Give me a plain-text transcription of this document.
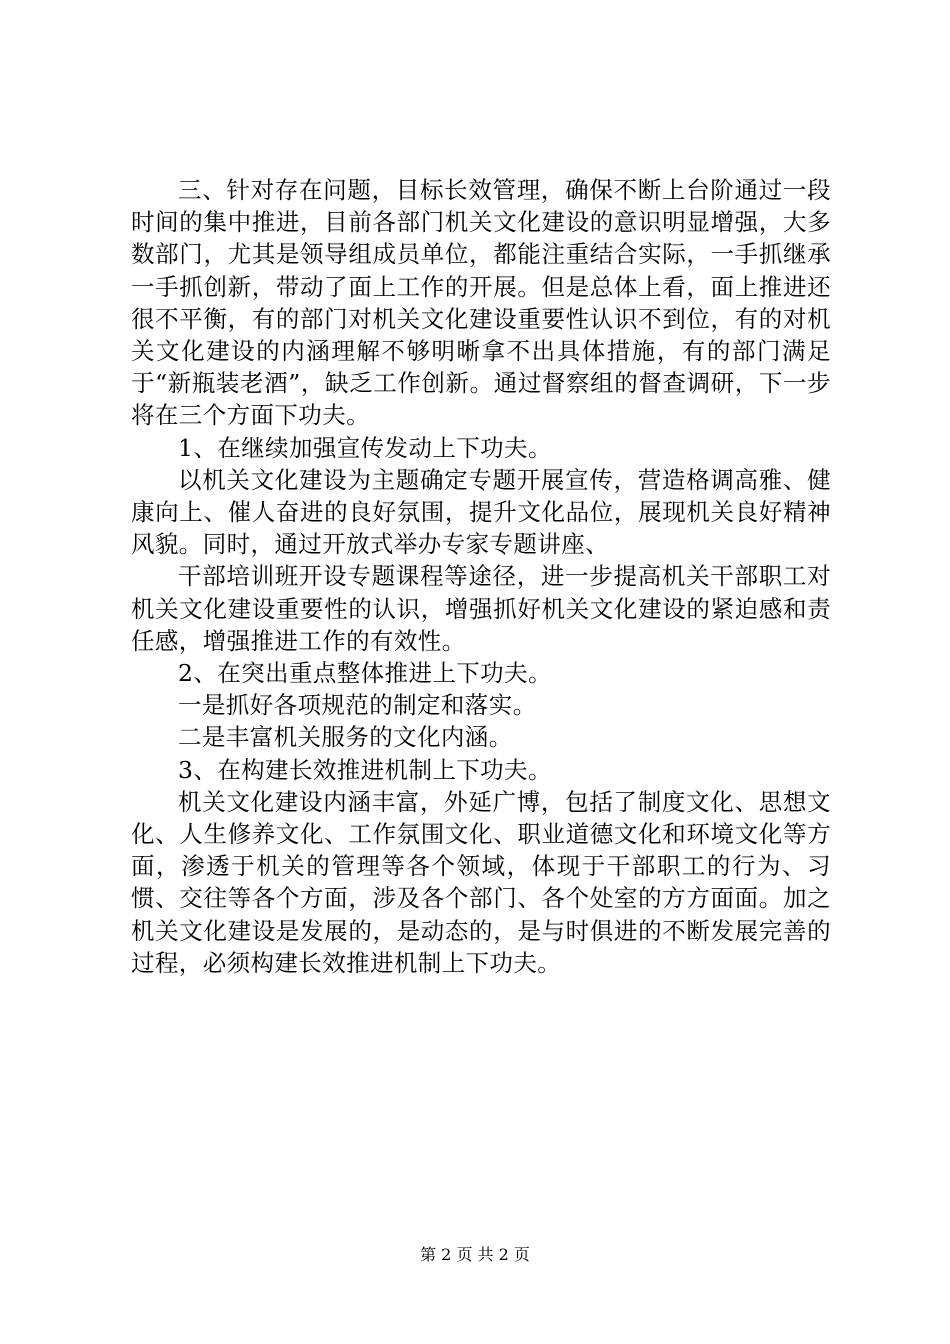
三、针对存在问题，目标长效管理，确保不断上台阶通过一段时间的集中推进，目前各部门机关文化建设的意识明显增强，大多数部门，尤其是领导组成员单位，都能注重结合实际，一手抓继承一手抓创新，带动了面上工作的开展。但是总体上看，面上推进还很不平衡，有的部门对机关文化建设重要性认识不到位，有的对机关文化建设的内涵理解不够明晰拿不出具体措施，有的部门满足于“新瓶装老酒”，缺乏工作创新。通过督察组的督查调研，下一步将在三个方面下功夫。

1、在继续加强宣传发动上下功夫。

以机关文化建设为主题确定专题开展宣传，营造格调高雅、健康向上、催人奋进的良好氛围，提升文化品位，展现机关良好精神风貌。同时，通过开放式举办专家专题讲座、

干部培训班开设专题课程等途径，进一步提高机关干部职工对机关文化建设重要性的认识，增强抓好机关文化建设的紧迫感和责任感，增强推进工作的有效性。

2、在突出重点整体推进上下功夫。

一是抓好各项规范的制定和落实。

二是丰富机关服务的文化内涵。

3、在构建长效推进机制上下功夫。

机关文化建设内涵丰富，外延广博，包括了制度文化、思想文化、人生修养文化、工作氛围文化、职业道德文化和环境文化等方面，渗透于机关的管理等各个领域，体现于干部职工的行为、习惯、交往等各个方面，涉及各个部门、各个处室的方方面面。加之机关文化建设是发展的，是动态的，是与时俱进的不断发展完善的过程，必须构建长效推进机制上下功夫。

第 2 页 共 2 页
